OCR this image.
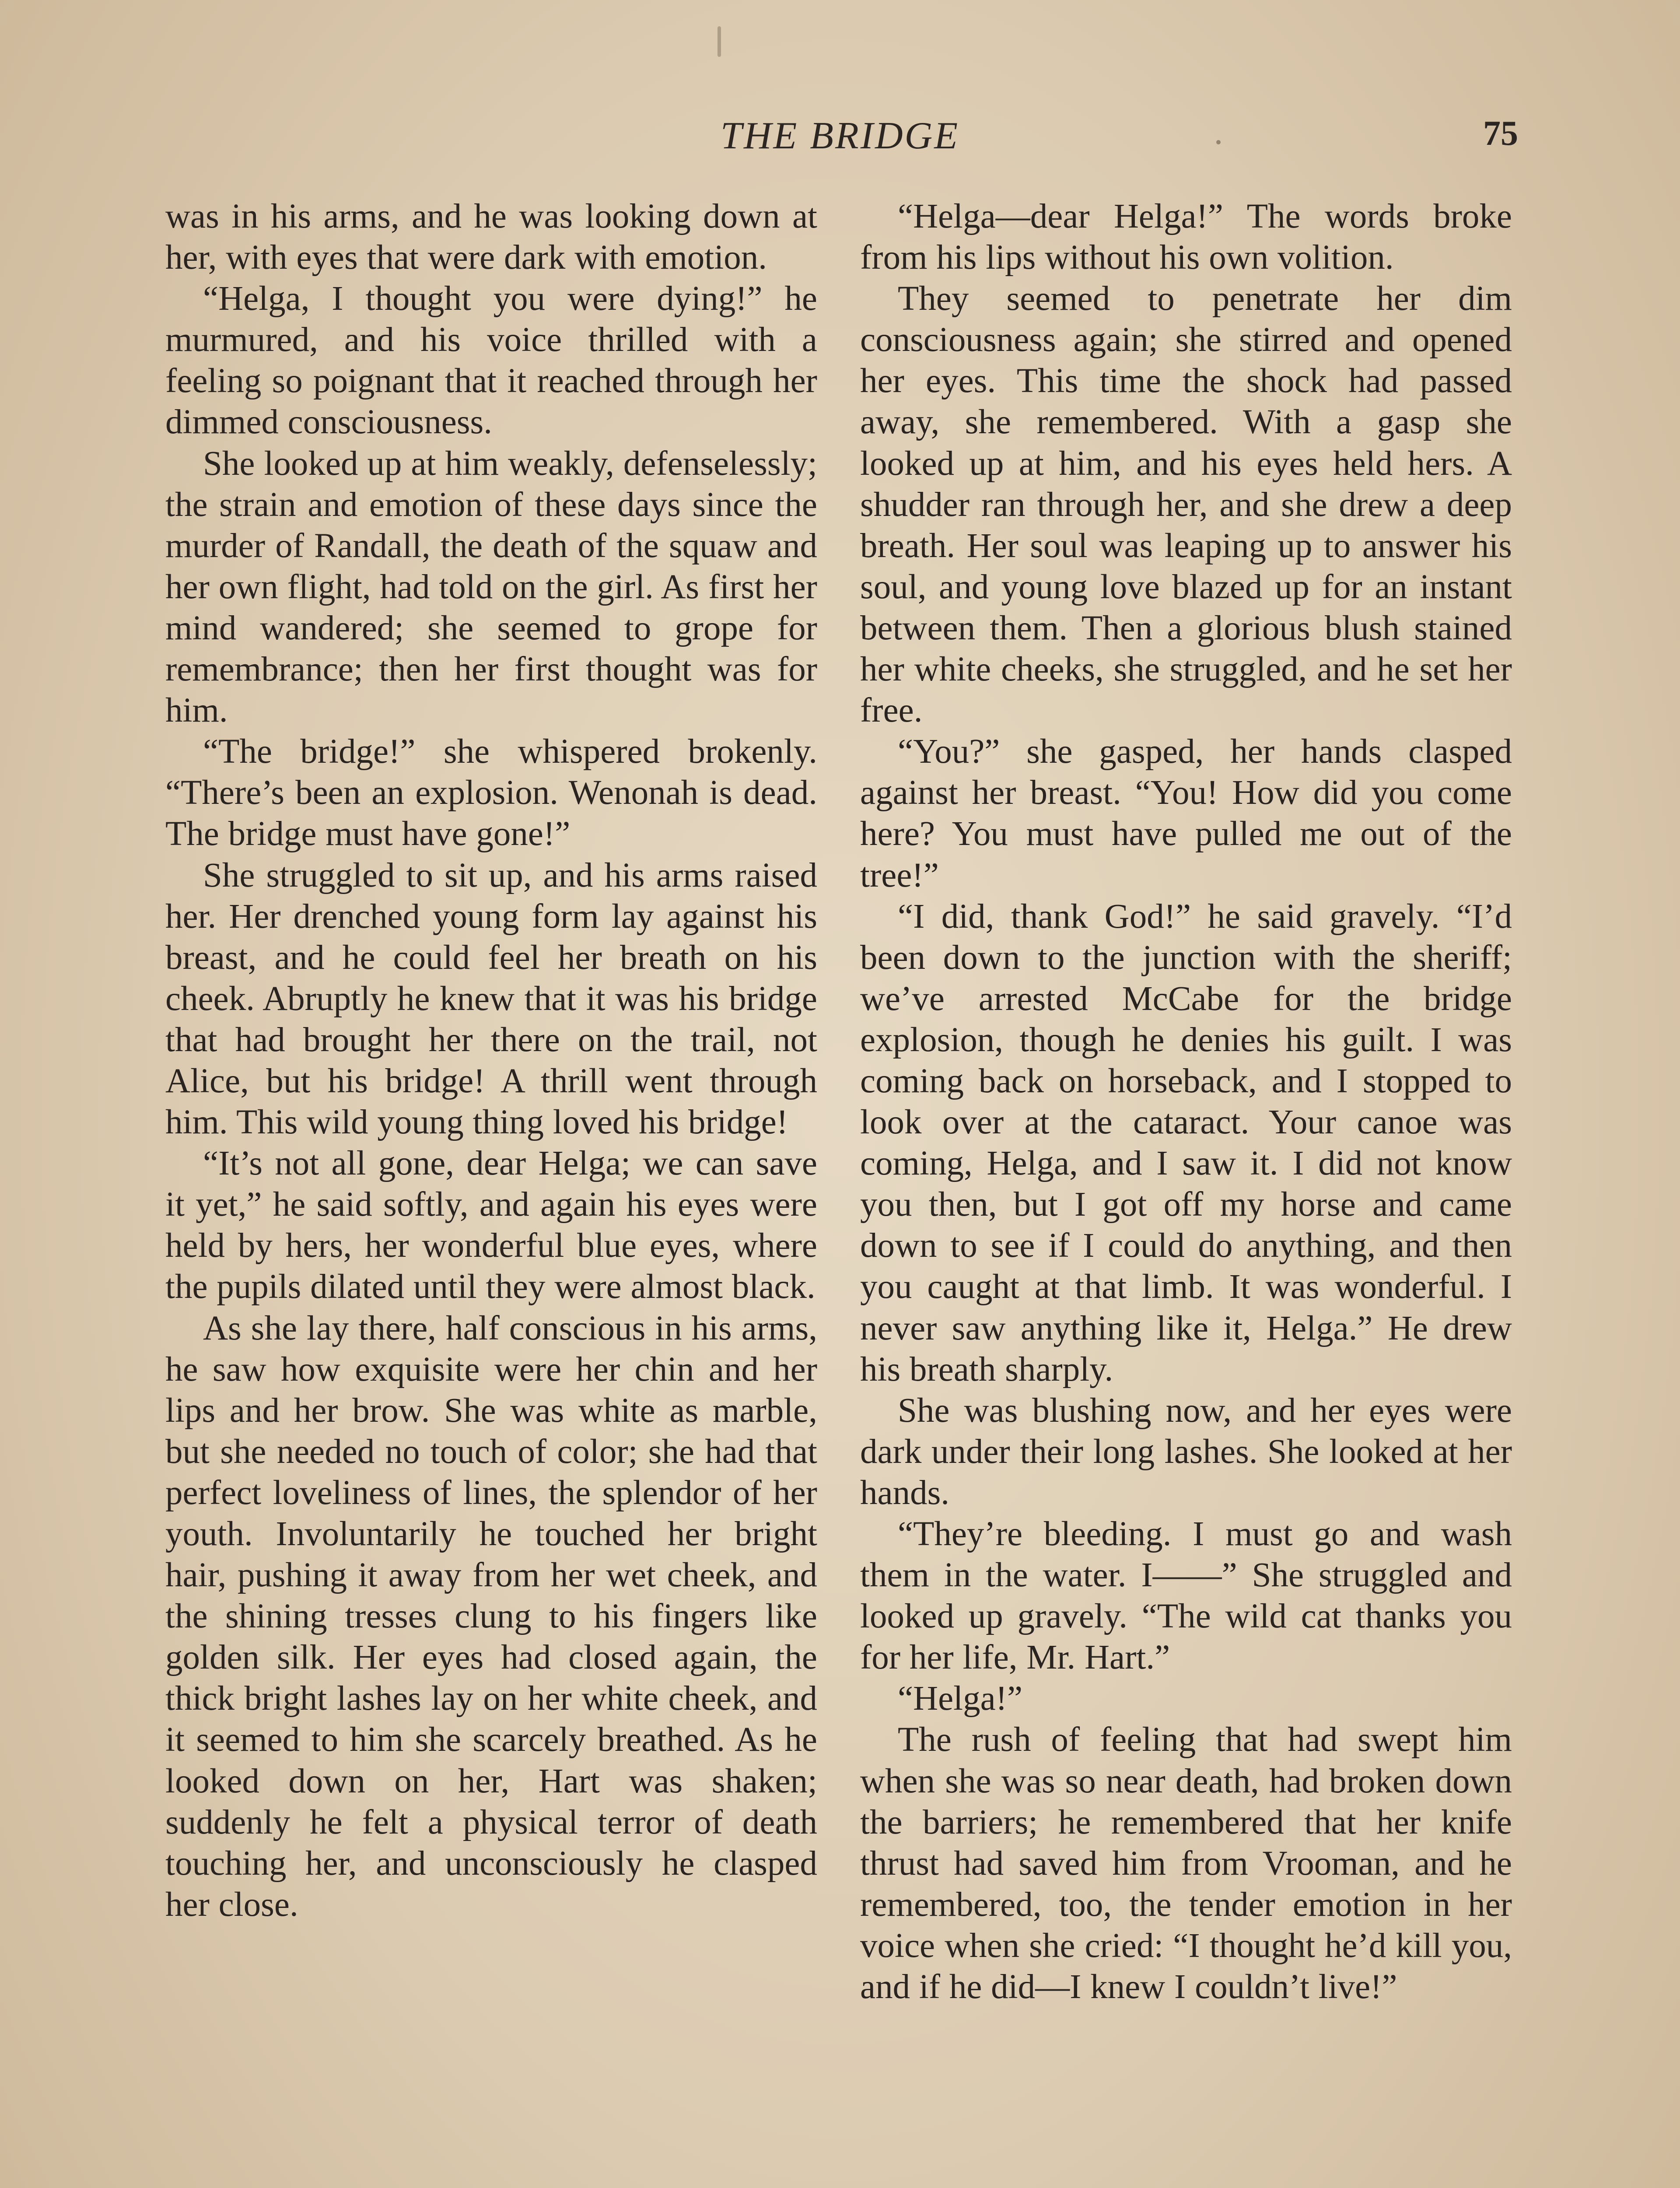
THE BRIDGE	75

was in his arms, and he was looking down at her, with eyes that were dark with emotion.

“Helga, I thought you were dying!” he murmured, and his voice thrilled with a feeling so poignant that it reached through her dimmed consciousness.

She looked up at him weakly, defenselessly; the strain and emotion of these days since the murder of Randall, the death of the squaw and her own flight, had told on the girl. As first her mind wandered; she seemed to grope for remembrance; then her first thought was for him.

“The bridge!” she whispered brokenly. “There’s been an explosion. Wenonah is dead. The bridge must have gone!”

She struggled to sit up, and his arms raised her. Her drenched young form lay against his breast, and he could feel her breath on his cheek. Abruptly he knew that it was his bridge that had brought her there on the trail, not Alice, but his bridge! A thrill went through him. This wild young thing loved his bridge!

“It’s not all gone, dear Helga; we can save it yet,” he said softly, and again his eyes were held by hers, her wonderful blue eyes, where the pupils dilated until they were almost black.

As she lay there, half conscious in his arms, he saw how exquisite were her chin and her lips and her brow. She was white as marble, but she needed no touch of color; she had that perfect loveliness of lines, the splendor of her youth. Involuntarily he touched her bright hair, pushing it away from her wet cheek, and the shining tresses clung to his fingers like golden silk. Her eyes had closed again, the thick bright lashes lay on her white cheek, and it seemed to him she scarcely breathed. As he looked down on her, Hart was shaken; suddenly he felt a physical terror of death touching her, and unconsciously he clasped her close.

“Helga—dear Helga!” The words broke from his lips without his own volition.

They seemed to penetrate her dim consciousness again; she stirred and opened her eyes. This time the shock had passed away, she remembered. With a gasp she looked up at him, and his eyes held hers. A shudder ran through her, and she drew a deep breath. Her soul was leaping up to answer his soul, and young love blazed up for an instant between them. Then a glorious blush stained her white cheeks, she struggled, and he set her free.

“You?” she gasped, her hands clasped against her breast. “You! How did you come here? You must have pulled me out of the tree!”

“I did, thank God!” he said gravely. “I’d been down to the junction with the sheriff; we’ve arrested McCabe for the bridge explosion, though he denies his guilt. I was coming back on horseback, and I stopped to look over at the cataract. Your canoe was coming, Helga, and I saw it. I did not know you then, but I got off my horse and came down to see if I could do anything, and then you caught at that limb. It was wonderful. I never saw anything like it, Helga.” He drew his breath sharply.

She was blushing now, and her eyes were dark under their long lashes. She looked at her hands.

“They’re bleeding. I must go and wash them in the water. I——” She struggled and looked up gravely. “The wild cat thanks you for her life, Mr. Hart.”

“Helga!”

The rush of feeling that had swept him when she was so near death, had broken down the barriers; he remembered that her knife thrust had saved him from Vrooman, and he remembered, too, the tender emotion in her voice when she cried: “I thought he’d kill you, and if he did—I knew I couldn’t live!”
